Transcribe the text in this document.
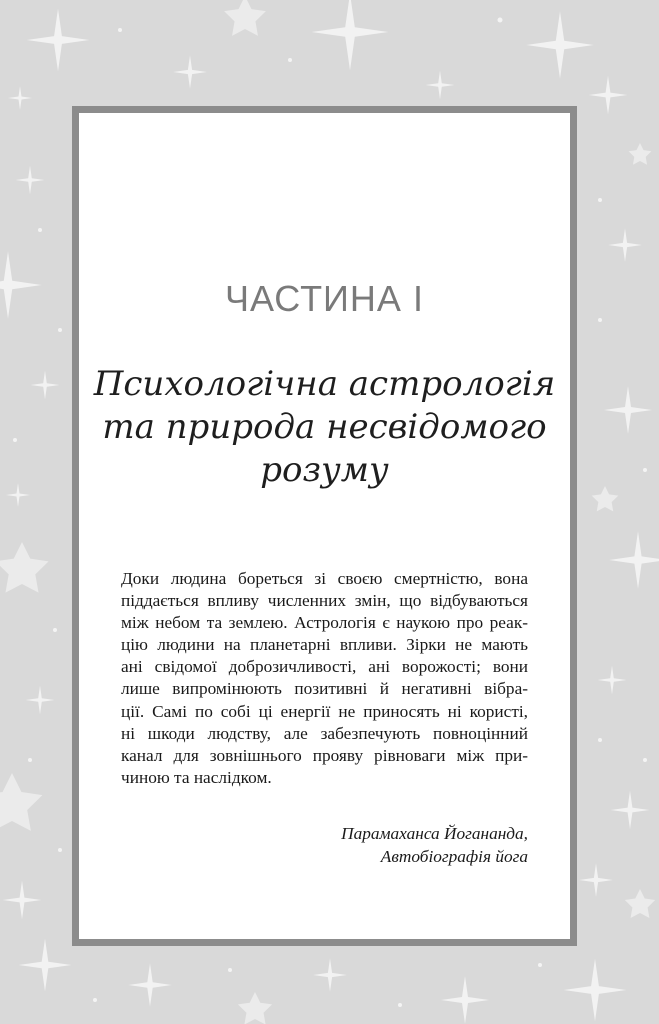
ЧАСТИНА І
Психологічна астрологія
та природа несвідомого
розуму
Доки людина бореться зі своєю смертністю, вона
піддається впливу численних змін, що відбуваються
між небом та землею. Астрологія є наукою про реак-
цію людини на планетарні впливи. Зірки не мають
ані свідомої доброзичливості, ані ворожості; вони
лише випромінюють позитивні й негативні вібра-
ції. Самі по собі ці енергії не приносять ні користі,
ні шкоди людству, але забезпечують повноцінний
канал для зовнішнього прояву рівноваги між при-
чиною та наслідком.
Парамаханса Йогананда,
Автобіографія йога
